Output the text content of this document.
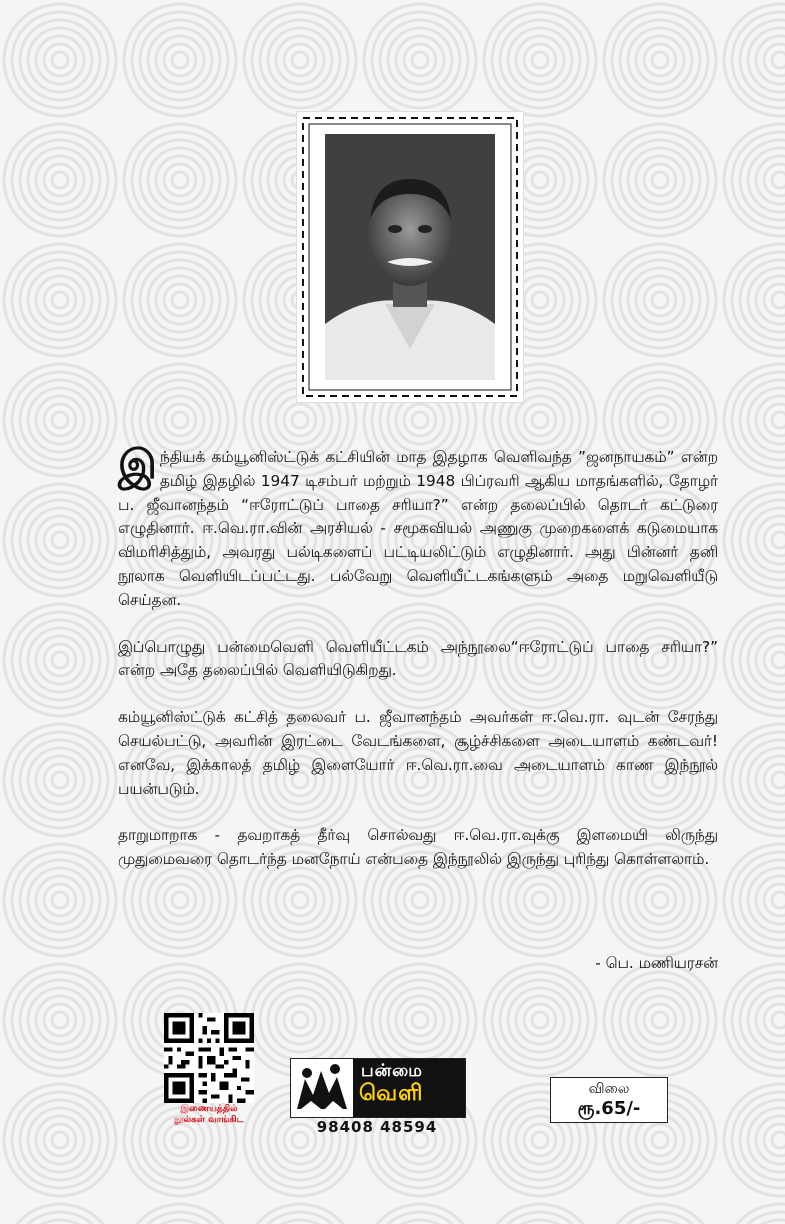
இந்தியக் கம்யூனிஸ்ட்டுக் கட்சியின் மாத இதழாக வெளிவந்த ”ஜனநாயகம்” என்ற தமிழ் இதழில் 1947 டிசம்பர் மற்றும் 1948 பிப்ரவரி ஆகிய மாதங்களில், தோழர் ப. ஜீவானந்தம் “ஈரோட்டுப் பாதை சரியா?” என்ற தலைப்பில் தொடர் கட்டுரை எழுதினார். ஈ.வெ.ரா.வின் அரசியல் - சமூகவியல் அணுகு முறைகளைக் கடுமையாக விமரிசித்தும், அவரது பல்டிகளைப் பட்டியலிட்டும் எழுதினார். அது பின்னர் தனி நூலாக வெளியிடப்பட்டது. பல்வேறு வெளியீட்டகங்களும் அதை மறுவெளியீடு செய்தன.

இப்பொழுது பன்மைவெளி வெளியீட்டகம் அந்நூலை“ஈரோட்டுப் பாதை சரியா?” என்ற அதே தலைப்பில் வெளியிடுகிறது.

கம்யூனிஸ்ட்டுக் கட்சித் தலைவர் ப. ஜீவானந்தம் அவர்கள் ஈ.வெ.ரா. வுடன் சேரந்து செயல்பட்டு, அவரின் இரட்டை வேடங்களை, சூழ்ச்சிகளை அடையாளம் கண்டவர்! எனவே, இக்காலத் தமிழ் இளையோர் ஈ.வெ.ரா.வை அடையாளம் காண இந்நூல் பயன்படும்.

தாறுமாறாக - தவறாகத் தீர்வு சொல்வது ஈ.வெ.ரா.வுக்கு இளமையி லிருந்து முதுமைவரை தொடர்ந்த மனநோய் என்பதை இந்நூலில் இருந்து புரிந்து கொள்ளலாம்.

- பெ. மணியரசன்
இணையத்தில்
நூல்கள் வாங்கிட
பன்மை
வெளி
98408 48594
விலை
ரூ.65/-
